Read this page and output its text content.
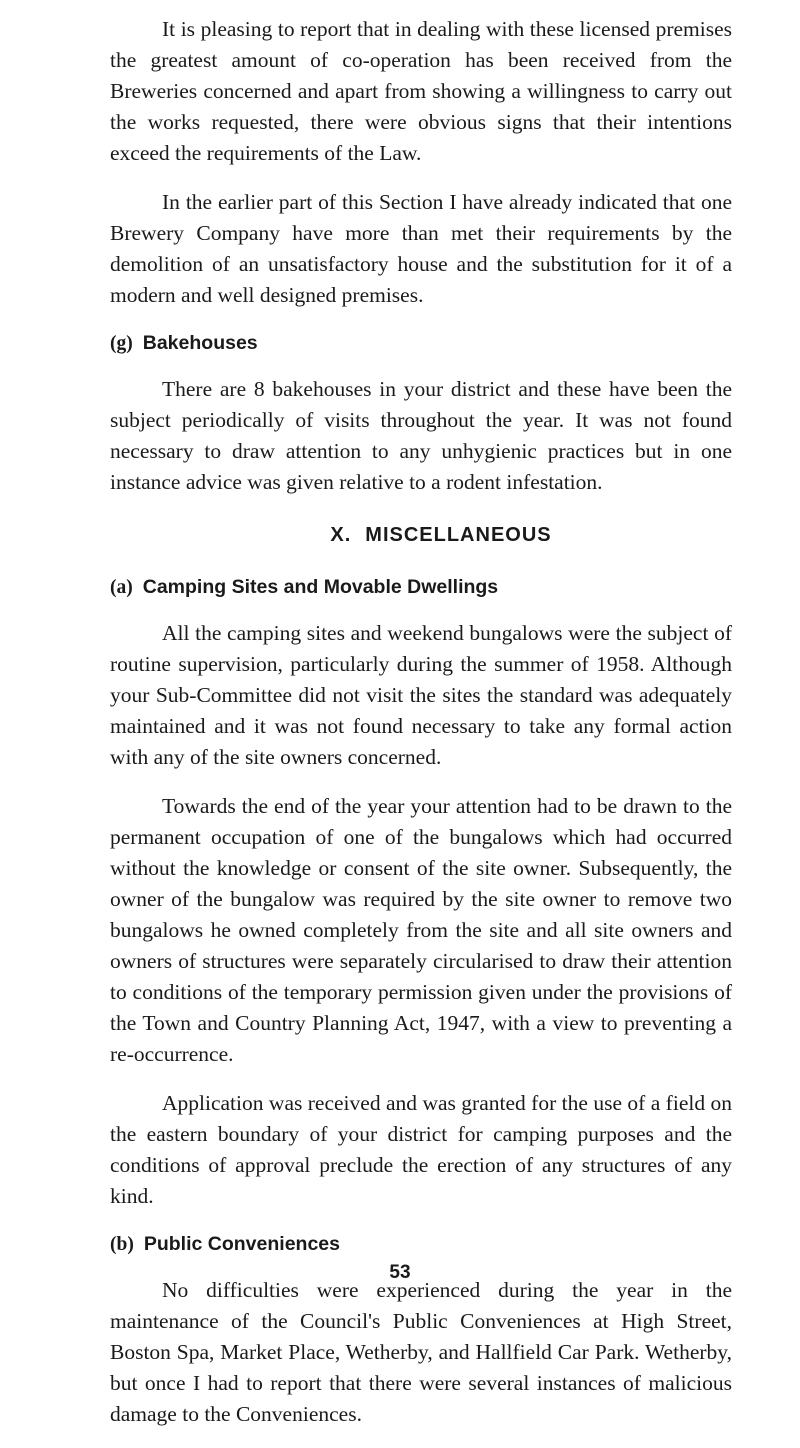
It is pleasing to report that in dealing with these licensed premises the greatest amount of co-operation has been received from the Breweries concerned and apart from showing a willingness to carry out the works requested, there were obvious signs that their intentions exceed the requirements of the Law.

In the earlier part of this Section I have already indicated that one Brewery Company have more than met their requirements by the demolition of an unsatisfactory house and the substitution for it of a modern and well designed premises.

(g) Bakehouses

There are 8 bakehouses in your district and these have been the subject periodically of visits throughout the year. It was not found necessary to draw attention to any unhygienic practices but in one instance advice was given relative to a rodent infestation.

X. MISCELLANEOUS
(a) Camping Sites and Movable Dwellings

All the camping sites and weekend bungalows were the subject of routine supervision, particularly during the summer of 1958. Although your Sub-Committee did not visit the sites the standard was adequately maintained and it was not found necessary to take any formal action with any of the site owners concerned.

Towards the end of the year your attention had to be drawn to the permanent occupation of one of the bungalows which had occurred without the knowledge or consent of the site owner. Subsequently, the owner of the bungalow was required by the site owner to remove two bungalows he owned completely from the site and all site owners and owners of structures were separately circularised to draw their attention to conditions of the temporary permission given under the provisions of the Town and Country Planning Act, 1947, with a view to preventing a re-occurrence.

Application was received and was granted for the use of a field on the eastern boundary of your district for camping purposes and the conditions of approval preclude the erection of any structures of any kind.

(b) Public Conveniences

No difficulties were experienced during the year in the maintenance of the Council's Public Conveniences at High Street, Boston Spa, Market Place, Wetherby, and Hallfield Car Park. Wetherby, but once I had to report that there were several instances of malicious damage to the Conveniences.

53
